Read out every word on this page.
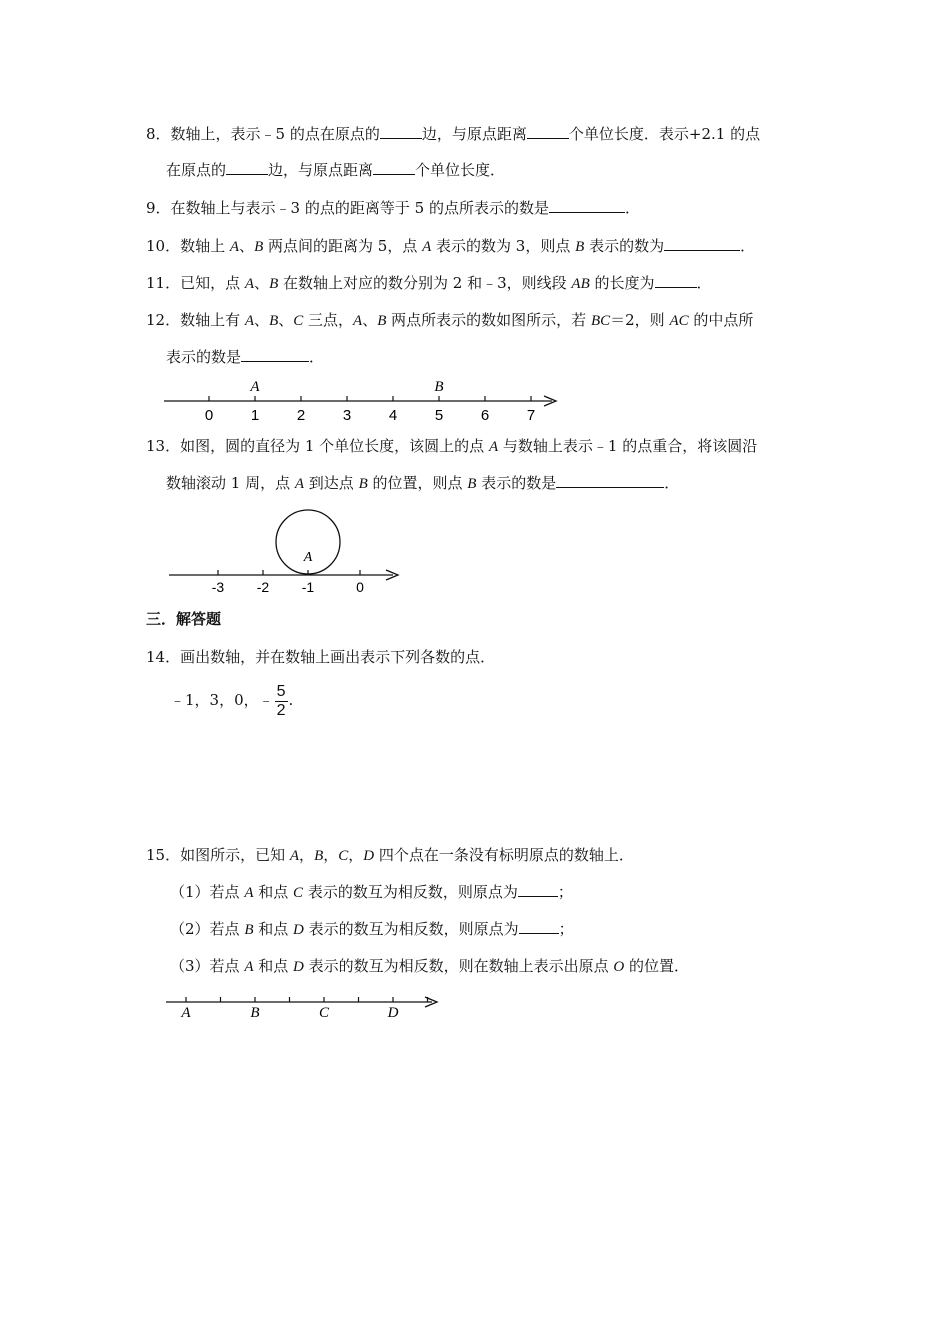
8．数轴上，表示﹣5 的点在原点的	边，与原点距离	个单位长度．表示+2.1 的点
在原点的	边，与原点距离	个单位长度．
9．在数轴上与表示﹣3 的点的距离等于 5 的点所表示的数是	．
10．数轴上 A、B 两点间的距离为 5，点 A 表示的数为 3，则点 B 表示的数为	．
11．已知，点 A、B 在数轴上对应的数分别为 2 和﹣3，则线段 AB 的长度为	．
12．数轴上有 A、B、C 三点，A、B 两点所表示的数如图所示，若 BC＝2，则 AC 的中点所
表示的数是	．
0	1	2	3	4	5	6	7
A	B
13．如图，圆的直径为 1 个单位长度，该圆上的点 A 与数轴上表示﹣1 的点重合，将该圆沿
数轴滚动 1 周，点 A 到达点 B 的位置，则点 B 表示的数是	．
-3 -2 -1	0
A
三．解答题
14．画出数轴，并在数轴上画出表示下列各数的点．
﹣1，3，0，﹣ $\frac{5}{2}$ .
15．如图所示，已知 A，B，C，D 四个点在一条没有标明原点的数轴上．
（1）若点 A 和点 C 表示的数互为相反数，则原点为	；
（2）若点 B 和点 D 表示的数互为相反数，则原点为	；
（3）若点 A 和点 D 表示的数互为相反数，则在数轴上表示出原点 O 的位置．
A	B	C	D
